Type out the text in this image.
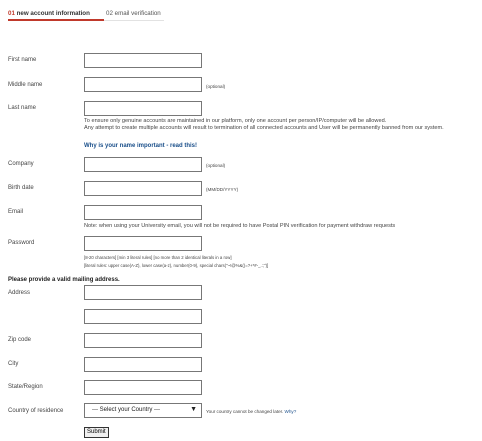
01 new account information	02 email verification
First name
Middle name	(optional)
Last name
To ensure only genuine accounts are maintained in our platform, only one account per person/IP/computer will be allowed.
Any attempt to create multiple accounts will result to termination of all connected accounts and User will be permanently banned from our system.
Why is your name important - read this!
Company	(optional)
Birth date	(MM/DD/YYYY)
Email
Note: when using your University email, you will not be required to have Postal PIN verification for payment withdraw requests
Password
[8-20 characters] [min 3 literal rules] [no more than 2 identical literals in a row]
[literal rules: upper case(A-Z), lower case(a-z), number(0-9), special chars("~!@%&()=?+*#-_.:;")]
Please provide a valid mailing address.
Address
Zip code
City
State/Region
Country of residence	--- Select your Country ---	▼ Your country cannot be changed later. Why?
Submit
